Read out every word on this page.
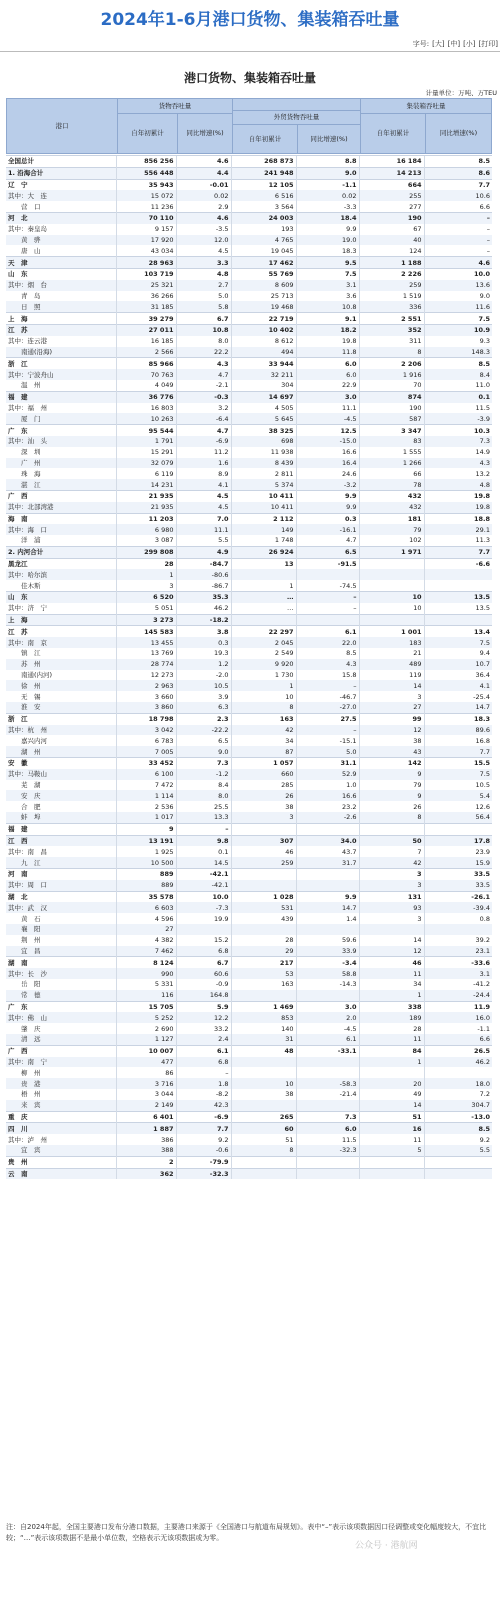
2024年1-6月港口货物、集装箱吞吐量
字号: [大] [中] [小] [打印]
港口货物、集装箱吞吐量
计量单位：万吨、万TEU
港口
货物吞吐量
外贸货物吞吐量
集装箱吞吐量
自年初累计	同比增速(%)
自年初累计	同比增速(%)
自年初累计	同比增速(%)
全国总计	856 256	4.6	268 873	8.8	16 184	8.5
1. 沿海合计	556 448	4.4	241 948	9.0	14 213	8.6
辽　宁	35 943	-0.01	12 105	-1.1	664	7.7
其中：大　连	15 072	0.02	6 516	0.02	255	10.6
　　营　口	11 236	2.9	3 564	-3.3	277	6.6
河　北	70 110	4.6	24 003	18.4	190	–
其中：秦皇岛	9 157	-3.5	193	9.9	67	–
　　黄　骅	17 920	12.0	4 765	19.0	40	–
　　唐　山	43 034	4.5	19 045	18.3	124	–
天　津	28 963	3.3	17 462	9.5	1 188	4.6
山　东	103 719	4.8	55 769	7.5	2 226	10.0
其中：烟　台	25 321	2.7	8 609	3.1	259	13.6
　　青　岛	36 266	5.0	25 713	3.6	1 519	9.0
　　日　照	31 185	5.8	19 468	10.8	336	11.6
上　海	39 279	6.7	22 719	9.1	2 551	7.5
江　苏	27 011	10.8	10 402	18.2	352	10.9
其中：连云港	16 185	8.0	8 612	19.8	311	9.3
　　南通(沿海)	2 566	22.2	494	11.8	8	148.3
浙　江	85 966	4.3	33 944	6.0	2 206	8.5
其中：宁波舟山	70 763	4.7	32 211	6.0	1 916	8.4
　　温　州	4 049	-2.1	304	22.9	70	11.0
福　建	36 776	-0.3	14 697	3.0	874	0.1
其中：福　州	16 803	3.2	4 505	11.1	190	11.5
　　厦　门	10 263	-6.4	5 645	-4.5	587	-3.9
广　东	95 544	4.7	38 325	12.5	3 347	10.3
其中：汕　头	1 791	-6.9	698	-15.0	83	7.3
　　深　圳	15 291	11.2	11 938	16.6	1 555	14.9
　　广　州	32 079	1.6	8 439	16.4	1 266	4.3
　　珠　海	6 119	8.9	2 811	24.6	66	13.2
　　湛　江	14 231	4.1	5 374	-3.2	78	4.8
广　西	21 935	4.5	10 411	9.9	432	19.8
其中：北部湾港	21 935	4.5	10 411	9.9	432	19.8
海　南	11 203	7.0	2 112	0.3	181	18.8
其中：海　口	6 980	11.1	149	-16.1	79	29.1
　　洋　浦	3 087	5.5	1 748	4.7	102	11.3
2. 内河合计	299 808	4.9	26 924	6.5	1 971	7.7
黑龙江	28	-84.7	13	-91.5		-6.6
其中：哈尔滨	1	-80.6				
　　佳木斯	3	-86.7	1	-74.5		
山　东	6 520	35.3	…	–	10	13.5
其中：济　宁	5 051	46.2	…	–	10	13.5
上　海	3 273	-18.2				
江　苏	145 583	3.8	22 297	6.1	1 001	13.4
其中：南　京	13 455	0.3	2 045	22.0	183	7.5
　　镇　江	13 769	19.3	2 549	8.5	21	9.4
　　苏　州	28 774	1.2	9 920	4.3	489	10.7
　　南通(内河)	12 273	-2.0	1 730	15.8	119	36.4
　　徐　州	2 963	10.5	1	–	14	4.1
　　无　锡	3 660	3.9	10	-46.7	3	-25.4
　　淮　安	3 860	6.3	8	-27.0	27	14.7
浙　江	18 798	2.3	163	27.5	99	18.3
其中：杭　州	3 042	-22.2	42	–	12	89.6
　　嘉兴内河	6 783	6.5	34	-15.1	38	16.8
　　湖　州	7 005	9.0	87	5.0	43	7.7
安　徽	33 452	7.3	1 057	31.1	142	15.5
其中：马鞍山	6 100	-1.2	660	52.9	9	7.5
　　芜　湖	7 472	8.4	285	1.0	79	10.5
　　安　庆	1 114	8.0	26	16.6	9	5.4
　　合　肥	2 536	25.5	38	23.2	26	12.6
　　蚌　埠	1 017	13.3	3	-2.6	8	56.4
福　建	9	–				
江　西	13 191	9.8	307	34.0	50	17.8
其中：南　昌	1 925	0.1	46	43.7	7	23.9
　　九　江	10 500	14.5	259	31.7	42	15.9
河　南	889	-42.1			3	33.5
其中：周　口	889	-42.1			3	33.5
湖　北	35 578	10.0	1 028	9.9	131	-26.1
其中：武　汉	6 603	-7.3	531	14.7	93	-39.4
　　黄　石	4 596	19.9	439	1.4	3	0.8
　　襄　阳	27					
　　荆　州	4 382	15.2	28	59.6	14	39.2
　　宜　昌	7 462	6.8	29	33.9	12	23.1
湖　南	8 124	6.7	217	-3.4	46	-33.6
其中：长　沙	990	60.6	53	58.8	11	3.1
　　岳　阳	5 331	-0.9	163	-14.3	34	-41.2
　　常　德	116	164.8			1	-24.4
广　东	15 705	5.9	1 469	3.0	338	11.9
其中：佛　山	5 252	12.2	853	2.0	189	16.0
　　肇　庆	2 690	33.2	140	-4.5	28	-1.1
　　清　远	1 127	2.4	31	6.1	11	6.6
广　西	10 007	6.1	48	-33.1	84	26.5
其中：南　宁	477	6.8			1	46.2
　　柳　州	86	–				
　　贵　港	3 716	1.8	10	-58.3	20	18.0
　　梧　州	3 044	-8.2	38	-21.4	49	7.2
　　来　宾	2 149	42.3			14	304.7
重　庆	6 401	-6.9	265	7.3	51	-13.0
四　川	1 887	7.7	60	6.0	16	8.5
其中：泸　州	386	9.2	51	11.5	11	9.2
　　宜　宾	388	-0.6	8	-32.3	5	5.5
贵　州	2	-79.9				
云　南	362	-32.3				
注：自2024年起，全国主要港口发布分港口数据，主要港口来源于《全国港口与航道布局规划》。表中“–”表示该项数据因口径调整或变化幅度较大，不宜比较；“…”表示该项数据不是最小单位数，空格表示无该项数据或为零。
公众号 · 港航网
